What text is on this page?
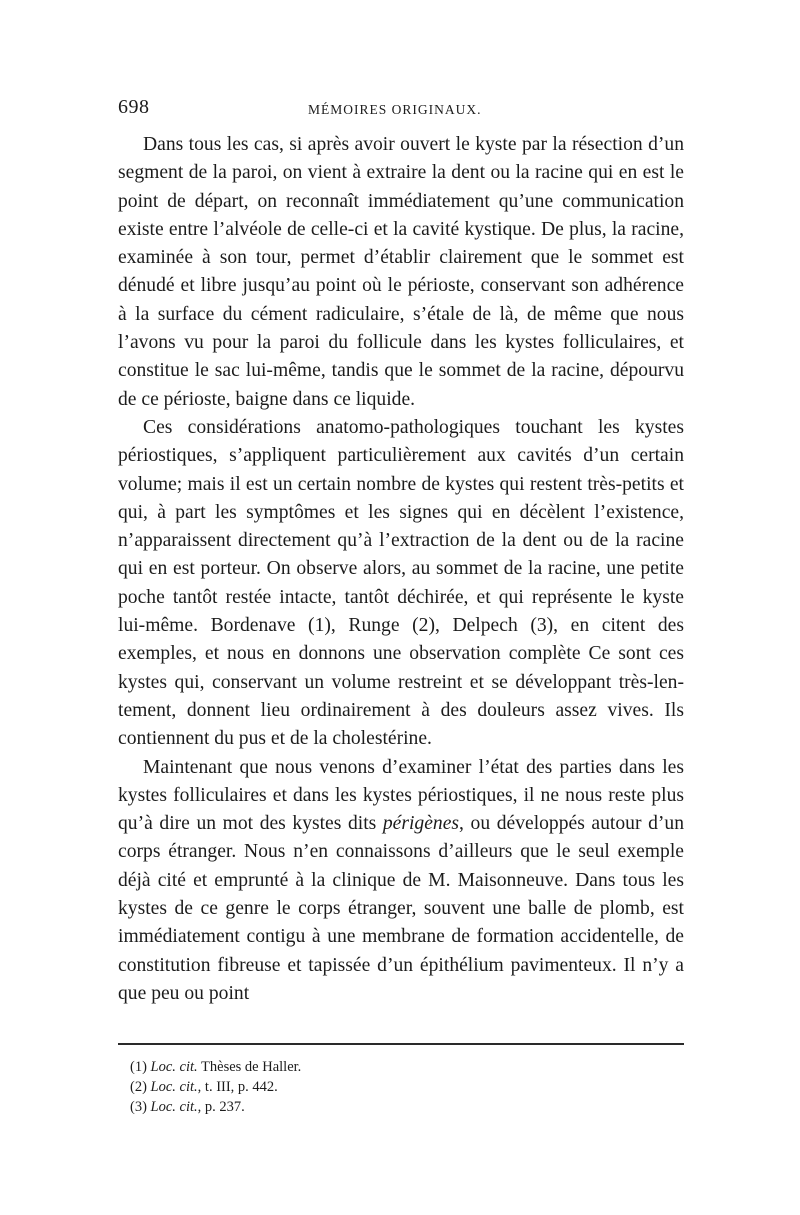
698	MÉMOIRES ORIGINAUX.

Dans tous les cas, si après avoir ouvert le kyste par la résection d’un segment de la paroi, on vient à extraire la dent ou la racine qui en est le point de départ, on reconnaît immédiatement qu’une communication existe entre l’alvéole de celle-ci et la cavité kystique. De plus, la racine, examinée à son tour, permet d’établir clairement que le sommet est dénudé et libre jusqu’au point où le périoste, conservant son adhérence à la surface du cément radiculaire, s’étale de là, de même que nous l’avons vu pour la paroi du follicule dans les kystes folliculaires, et constitue le sac lui-même, tandis que le sommet de la racine, dépourvu de ce périoste, baigne dans ce liquide.

Ces considérations anatomo-pathologiques touchant les kystes périostiques, s’appliquent particulièrement aux cavités d’un certain volume; mais il est un certain nombre de kystes qui restent très-petits et qui, à part les symptômes et les signes qui en décèlent l’existence, n’apparaissent directement qu’à l’extraction de la dent ou de la racine qui en est porteur. On observe alors, au sommet de la racine, une petite poche tantôt restée intacte, tantôt déchirée, et qui représente le kyste lui-même. Bordenave (1), Runge (2), Delpech (3), en citent des exemples, et nous en donnons une observation complète Ce sont ces kystes qui, conservant un volume restreint et se développant très-lentement, donnent lieu ordinairement à des douleurs assez vives. Ils contiennent du pus et de la cholestérine.

Maintenant que nous venons d’examiner l’état des parties dans les kystes folliculaires et dans les kystes périostiques, il ne nous reste plus qu’à dire un mot des kystes dits périgènes, ou développés autour d’un corps étranger. Nous n’en connaissons d’ailleurs que le seul exemple déjà cité et emprunté à la clinique de M. Maisonneuve. Dans tous les kystes de ce genre le corps étranger, souvent une balle de plomb, est immédiatement contigu à une membrane de formation accidentelle, de constitution fibreuse et tapissée d’un épithélium pavimenteux. Il n’y a que peu ou point

(1) Loc. cit. Thèses de Haller.
(2) Loc. cit., t. III, p. 442.
(3) Loc. cit., p. 237.
